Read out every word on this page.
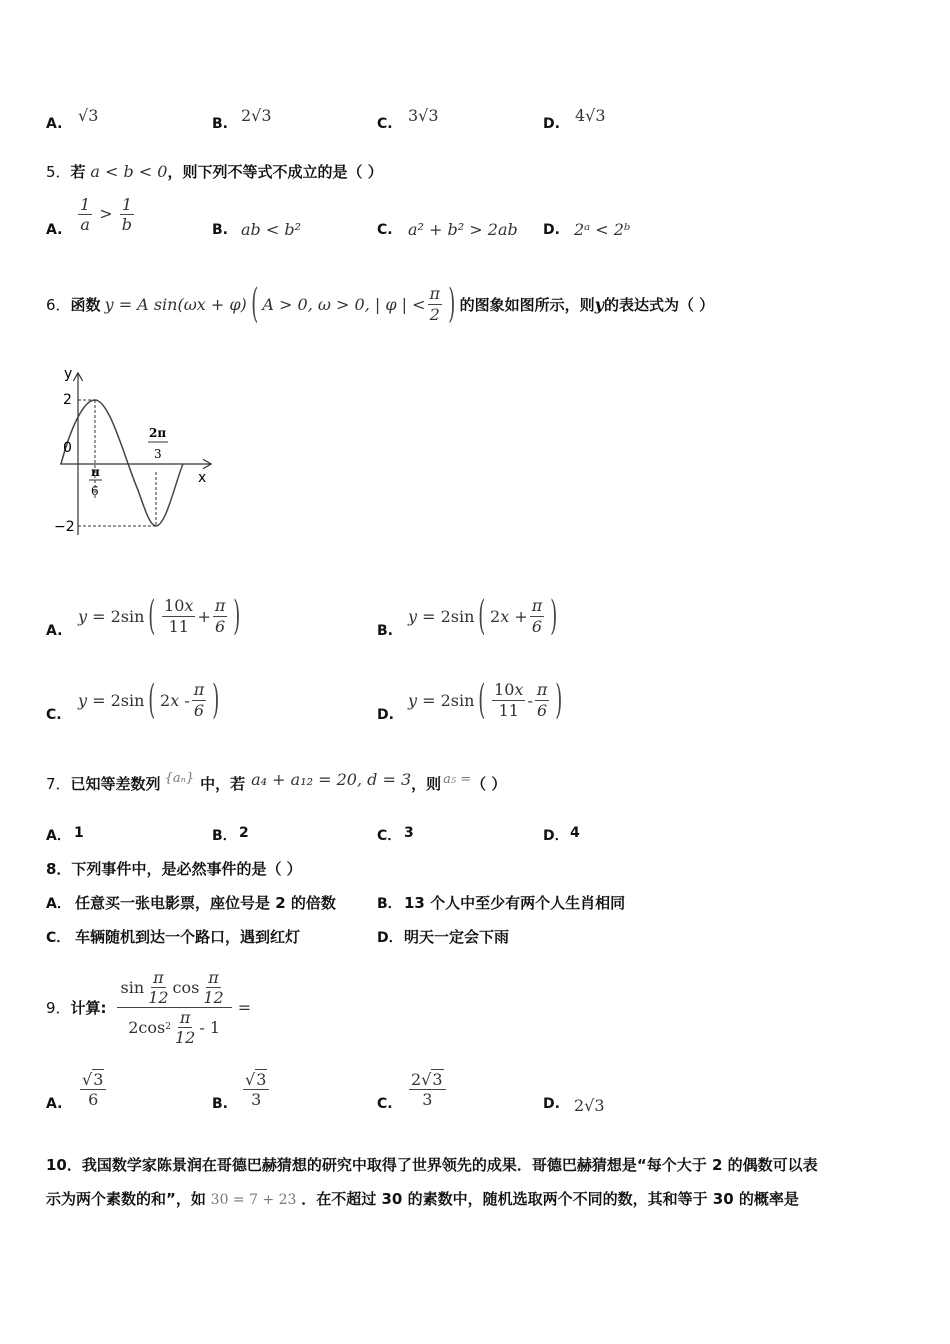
A. √3	B. 2√3	C. 3√3	D. 4√3
5．若 a < b < 0，则下列不等式不成立的是（ ）
A. $\frac{1}{a} > \frac{1}{b}$	B. ab < b²	C. a² + b² > 2ab D. 2ᵃ < 2ᵇ
6． 函数 y = A sin(ωx + φ) ( A > 0, ω > 0, | φ | < $\frac{\pi}{2}$ ) 的图象如图所示，则 y 的表达式为（ ）
y
x
2
0
−2
π
6
2π
3
A.
y = 2sin ( $\frac{10x}{11} + \frac{\pi}{6}$ )	B.
y = 2sin ( $2x + \frac{\pi}{6}$ )
C.
y = 2sin ( $2x - \frac{\pi}{6}$ )	D.
y = 2sin ( $\frac{10x}{11} - \frac{\pi}{6}$ )
7． 已知等差数列 {aₙ} 中，若 a₄ + a₁₂ = 20, d = 3 ，则 a₅ = （ ）
A． 1	B． 2	C． 3	D． 4
8．下列事件中，是必然事件的是（ ）
A． 任意买一张电影票，座位号是 2 的倍数	B． 13 个人中至少有两个人生肖相同
C． 车辆随机到达一个路口，遇到红灯	D． 明天一定会下雨
9． 计算: $\frac{\sin \frac{\pi}{12} \cos \frac{\pi}{12}}{2\cos 2 \frac{\pi}{12} - 1}$ =
A. $\frac{√3}{6}$	B. $\frac{√3}{3}$	C. $\frac{2√3}{3}$	D. 2√3
10．我国数学家陈景润在哥德巴赫猜想的研究中取得了世界领先的成果．哥德巴赫猜想是“每个大于 2 的偶数可以表
示为两个素数的和”，如 30 = 7 + 23 ．在不超过 30 的素数中，随机选取两个不同的数，其和等于 30 的概率是
